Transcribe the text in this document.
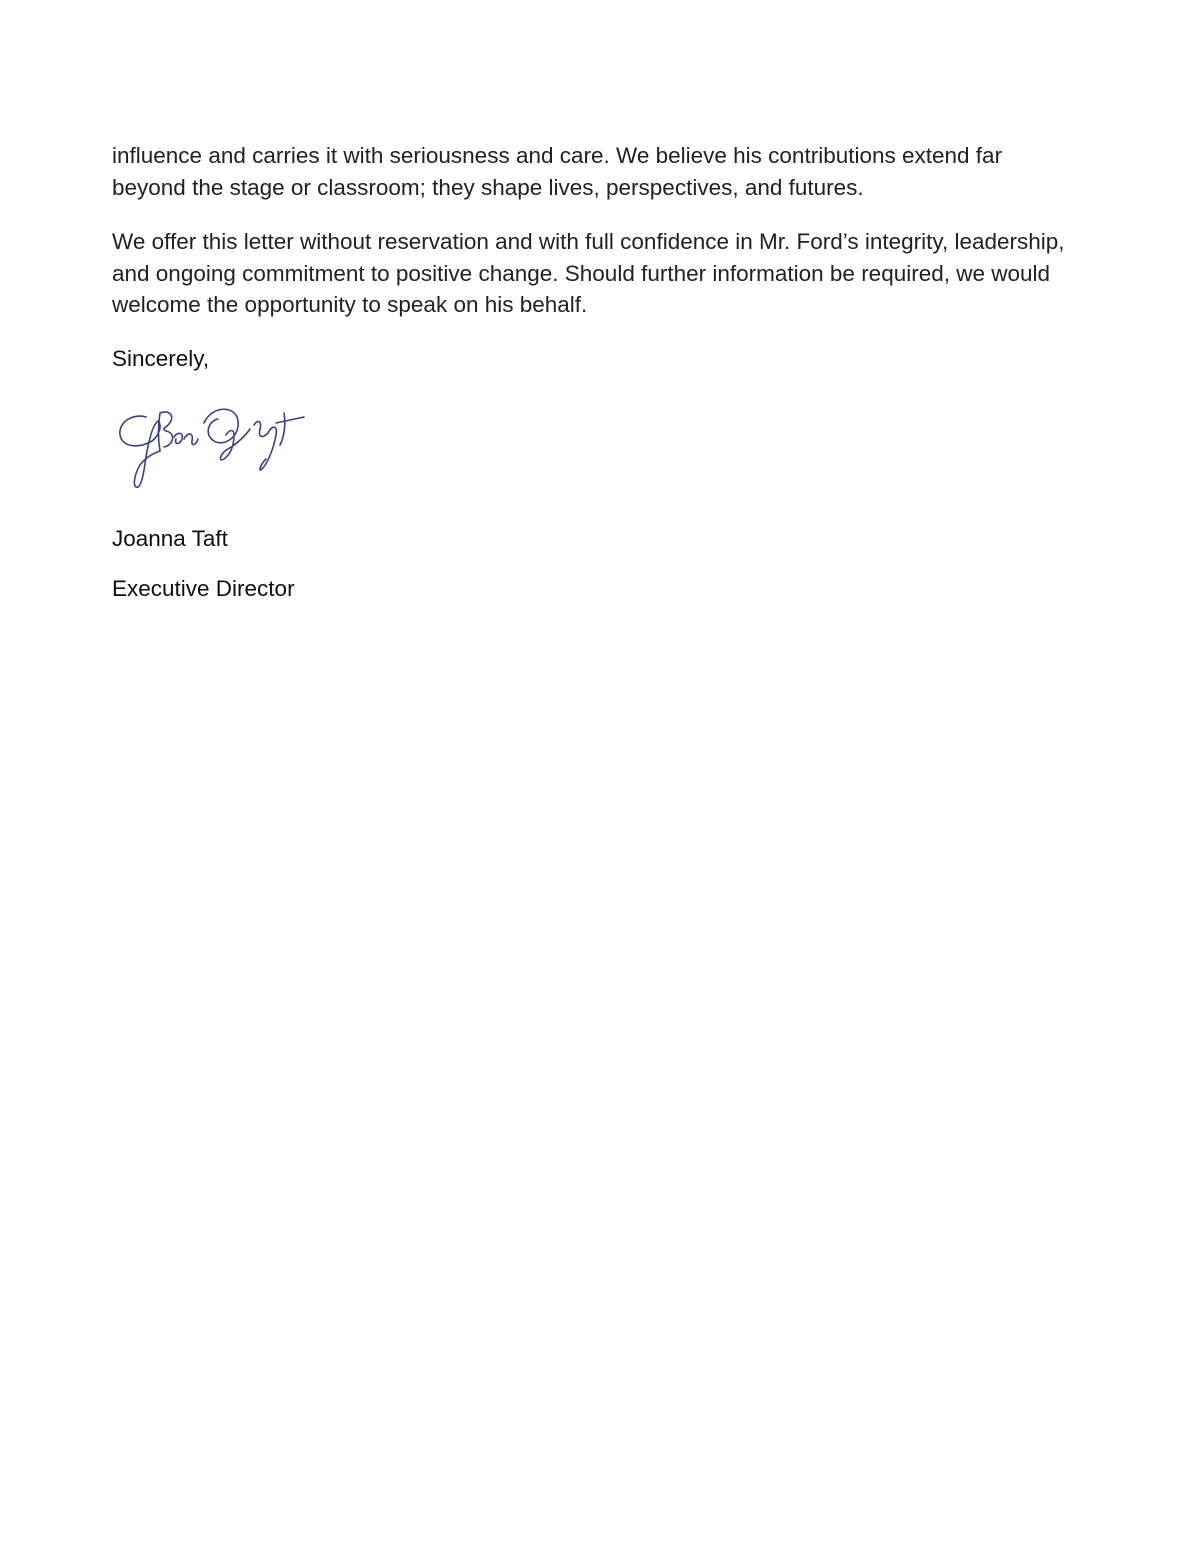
influence and carries it with seriousness and care. We believe his contributions extend far
beyond the stage or classroom; they shape lives, perspectives, and futures.

We offer this letter without reservation and with full confidence in Mr. Ford’s integrity, leadership,
and ongoing commitment to positive change. Should further information be required, we would
welcome the opportunity to speak on his behalf.

Sincerely,

Joanna Taft

Executive Director
